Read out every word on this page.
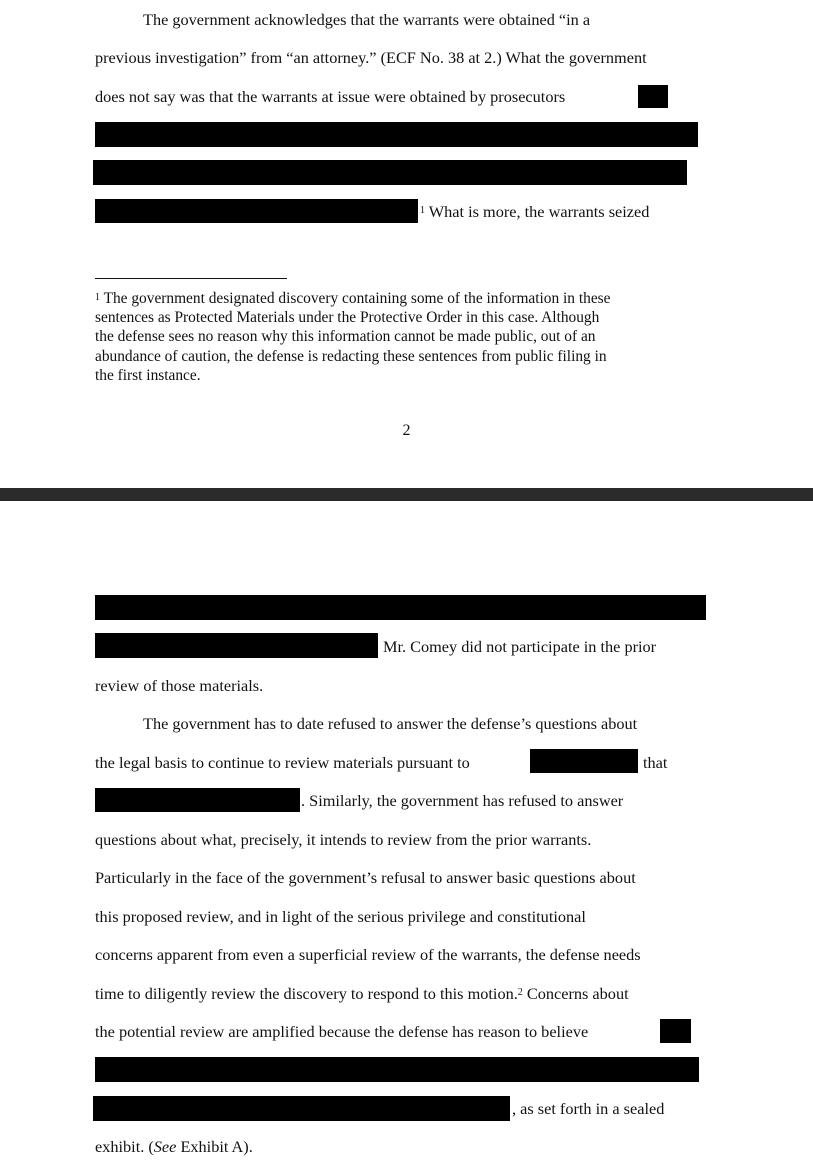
The government acknowledges that the warrants were obtained “in a
previous investigation” from “an attorney.” (ECF No. 38 at 2.) What the government
does not say was that the warrants at issue were obtained by prosecutors
$^1$ What is more, the warrants seized
$^1$ The government designated discovery containing some of the information in these
sentences as Protected Materials under the Protective Order in this case. Although
the defense sees no reason why this information cannot be made public, out of an
abundance of caution, the defense is redacting these sentences from public filing in
the first instance.
2
Mr. Comey did not participate in the prior
review of those materials.
The government has to date refused to answer the defense’s questions about
the legal basis to continue to review materials pursuant to	that
. Similarly, the government has refused to answer
questions about what, precisely, it intends to review from the prior warrants.
Particularly in the face of the government’s refusal to answer basic questions about
this proposed review, and in light of the serious privilege and constitutional
concerns apparent from even a superficial review of the warrants, the defense needs
time to diligently review the discovery to respond to this motion.$^2$ Concerns about
the potential review are amplified because the defense has reason to believe
, as set forth in a sealed
exhibit. (See Exhibit A).
